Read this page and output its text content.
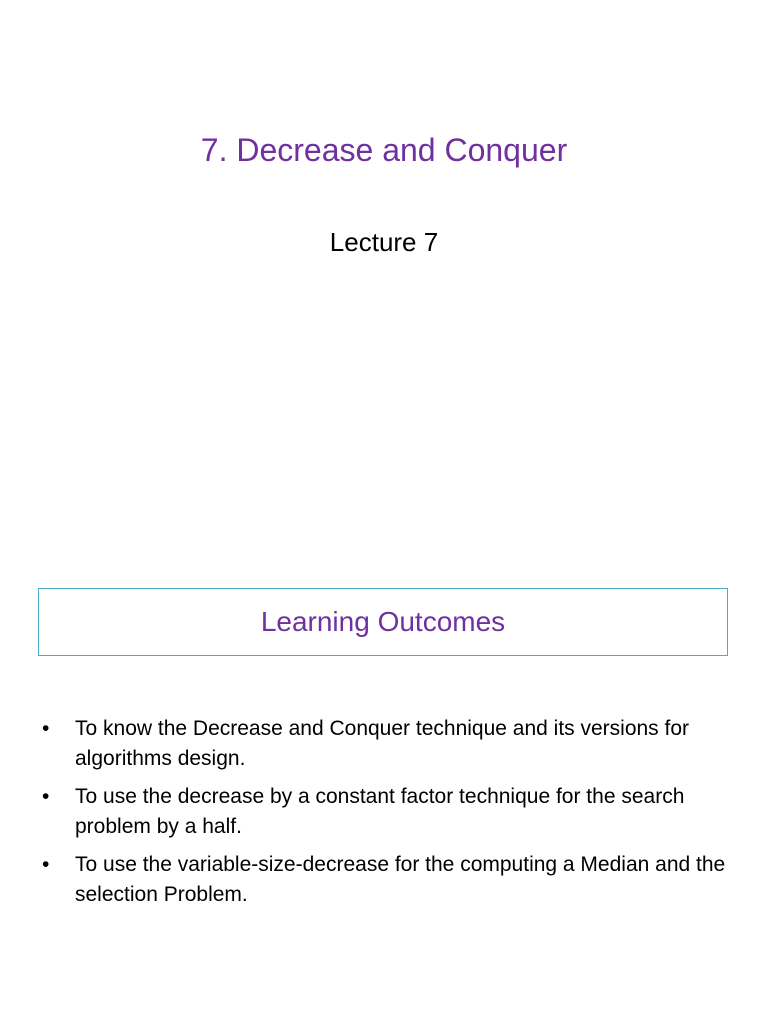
7. Decrease and Conquer
Lecture 7
Learning Outcomes
•	To know the Decrease and Conquer technique and its versions for algorithms design.
•	To use the decrease by a constant factor technique for the search problem by a half.
•	To use the variable-size-decrease for the computing a Median and the selection Problem.
